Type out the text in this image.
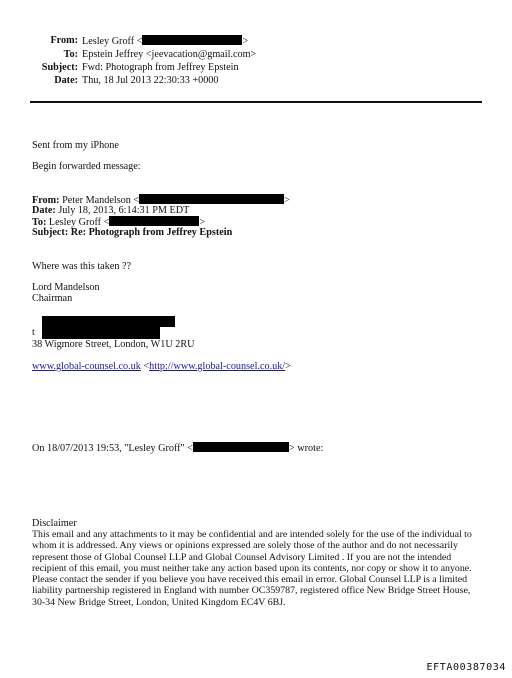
From: Lesley Groff <	>
To: Epstein Jeffrey <jeevacation@gmail.com>
Subject: Fwd: Photograph from Jeffrey Epstein
Date: Thu, 18 Jul 2013 22:30:33 +0000
Sent from my iPhone
Begin forwarded message:
From: Peter Mandelson <	>
Date: July 18, 2013, 6:14:31 PM EDT
To: Lesley Groff <	>
Subject: Re: Photograph from Jeffrey Epstein
Where was this taken ??
Lord Mandelson
Chairman
t
38 Wigmore Street, London, W1U 2RU
www.global-counsel.co.uk <http://www.global-counsel.co.uk/>
On 18/07/2013 19:53, "Lesley Groff" <	> wrote:
Disclaimer
This email and any attachments to it may be confidential and are intended solely for the use of the individual to whom it is addressed. Any views or opinions expressed are solely those of the author and do not necessarily represent those of Global Counsel LLP and Global Counsel Advisory Limited . If you are not the intended recipient of this email, you must neither take any action based upon its contents, nor copy or show it to anyone. Please contact the sender if you believe you have received this email in error. Global Counsel LLP is a limited liability partnership registered in England with number OC359787, registered office New Bridge Street House, 30-34 New Bridge Street, London, United Kingdom EC4V 6BJ.
EFTA00387034
